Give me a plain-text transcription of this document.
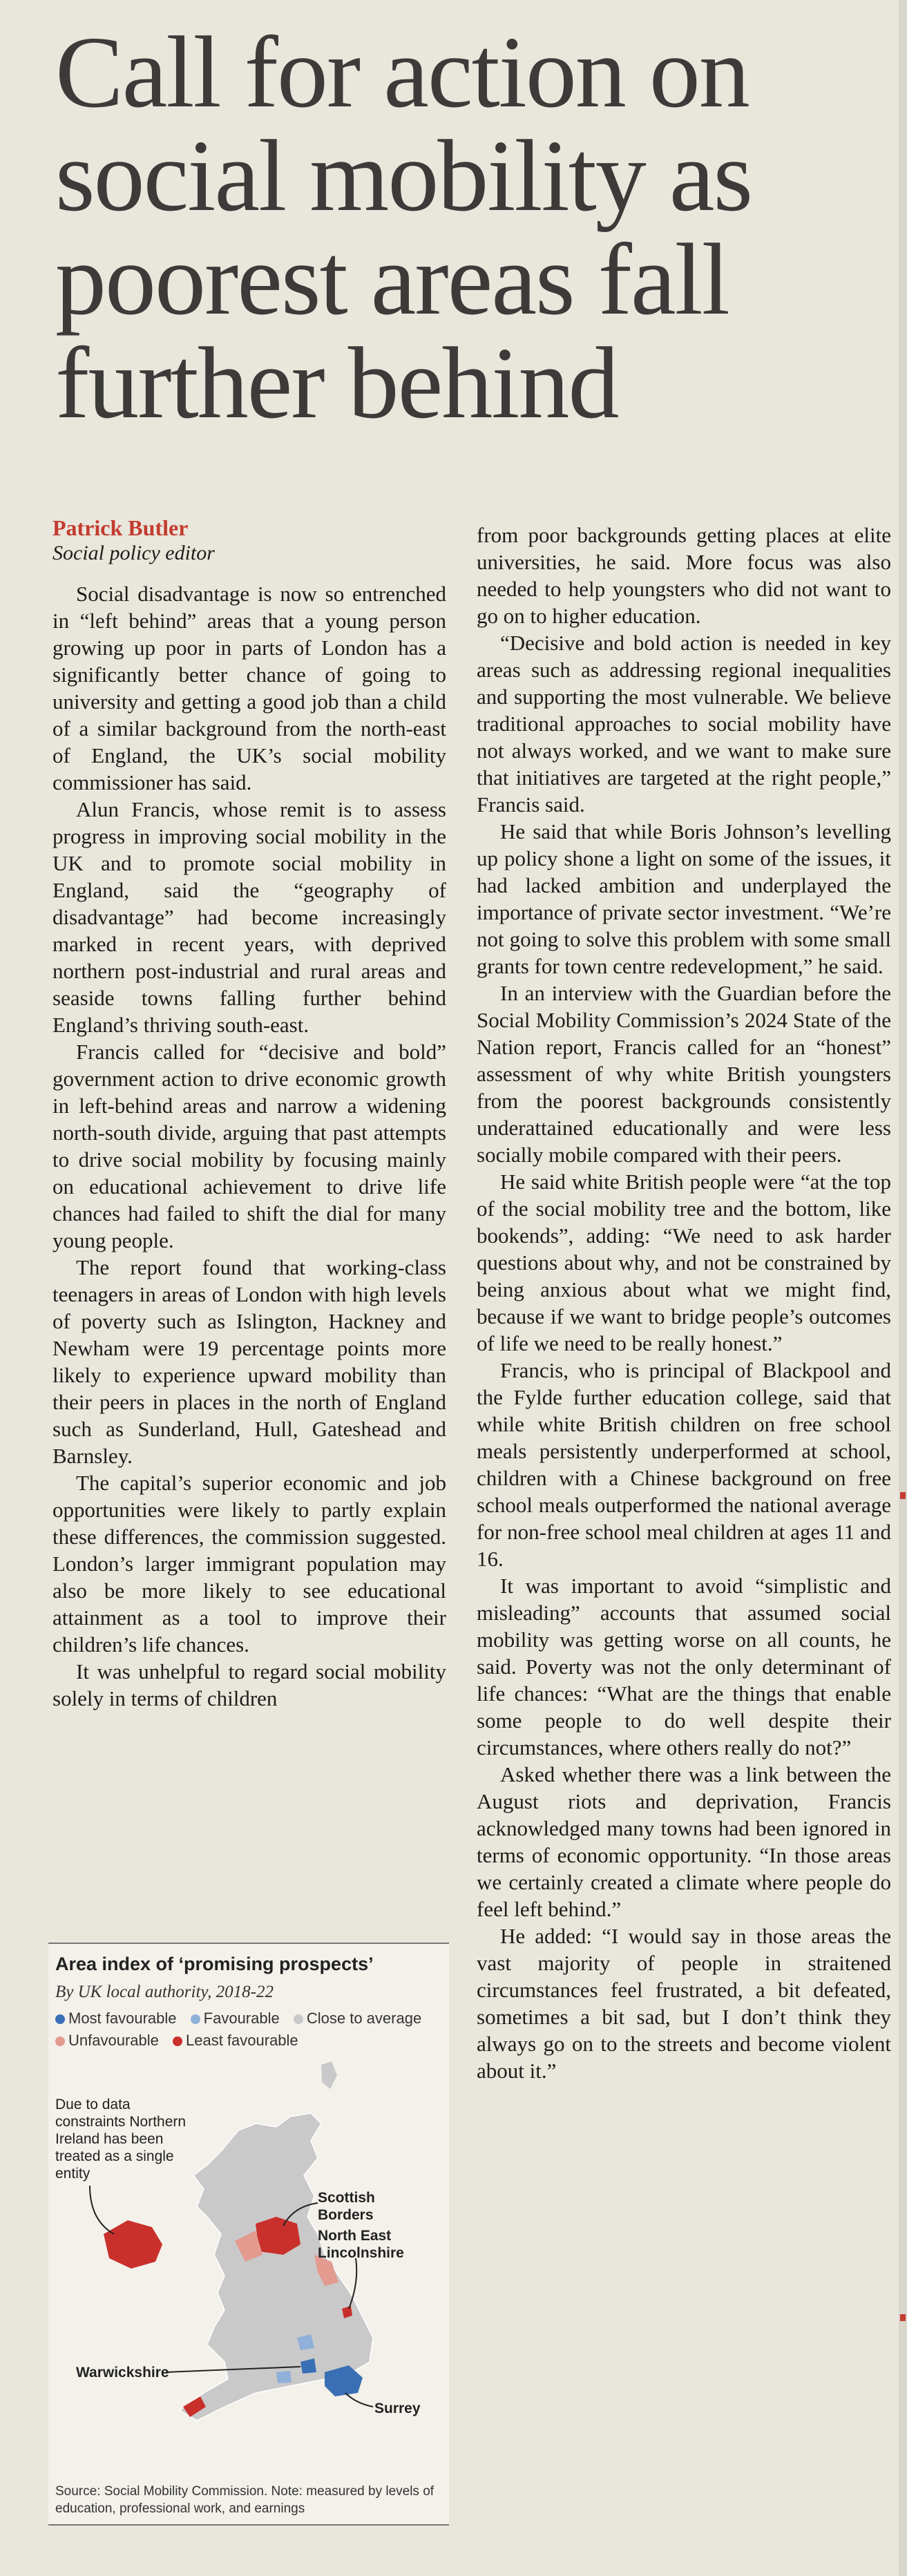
Call for action on
social mobility as
poorest areas fall
further behind
Patrick Butler
Social policy editor

Social disadvantage is now so entrenched in “left behind” areas that a young person growing up poor in parts of London has a significantly better chance of going to university and getting a good job than a child of a similar background from the north-east of England, the UK’s social mobility commissioner has said.

Alun Francis, whose remit is to assess progress in improving social mobility in the UK and to promote social mobility in England, said the “geography of disadvantage” had become increasingly marked in recent years, with deprived northern post-industrial and rural areas and seaside towns falling further behind England’s thriving south-east.

Francis called for “decisive and bold” government action to drive economic growth in left-behind areas and narrow a widening north-south divide, arguing that past attempts to drive social mobility by focusing mainly on educational achievement to drive life chances had failed to shift the dial for many young people.

The report found that working-class teenagers in areas of London with high levels of poverty such as Islington, Hackney and Newham were 19 percentage points more likely to experience upward mobility than their peers in places in the north of England such as Sunderland, Hull, Gateshead and Barnsley.

The capital’s superior economic and job opportunities were likely to partly explain these differences, the commission suggested. London’s larger immigrant population may also be more likely to see educational attainment as a tool to improve their children’s life chances.

It was unhelpful to regard social mobility solely in terms of children

from poor backgrounds getting places at elite universities, he said. More focus was also needed to help youngsters who did not want to go on to higher education.

“Decisive and bold action is needed in key areas such as addressing regional inequalities and supporting the most vulnerable. We believe traditional approaches to social mobility have not always worked, and we want to make sure that initiatives are targeted at the right people,” Francis said.

He said that while Boris Johnson’s levelling up policy shone a light on some of the issues, it had lacked ambition and underplayed the importance of private sector investment. “We’re not going to solve this problem with some small grants for town centre redevelopment,” he said.

In an interview with the Guardian before the Social Mobility Commission’s 2024 State of the Nation report, Francis called for an “honest” assessment of why white British youngsters from the poorest backgrounds consistently underattained educationally and were less socially mobile compared with their peers.

He said white British people were “at the top of the social mobility tree and the bottom, like bookends”, adding: “We need to ask harder questions about why, and not be constrained by being anxious about what we might find, because if we want to bridge people’s outcomes of life we need to be really honest.”

Francis, who is principal of Blackpool and the Fylde further education college, said that while white British children on free school meals persistently underperformed at school, children with a Chinese background on free school meals outperformed the national average for non-free school meal children at ages 11 and 16.

It was important to avoid “simplistic and misleading” accounts that assumed social mobility was getting worse on all counts, he said. Poverty was not the only determinant of life chances: “What are the things that enable some people to do well despite their circumstances, where others really do not?”

Asked whether there was a link between the August riots and deprivation, Francis acknowledged many towns had been ignored in terms of economic opportunity. “In those areas we certainly created a climate where people do feel left behind.”

He added: “I would say in those areas the vast majority of people in straitened circumstances feel frustrated, a bit defeated, sometimes a bit sad, but I don’t think they always go on to the streets and become violent about it.”

Area index of ‘promising prospects’
By UK local authority, 2018-22
Most favourable Favourable Close to average Unfavourable Least favourable
Due to data constraints Northern Ireland has been treated as a single entity
Scottish Borders
North East Lincolnshire
Warwickshire
Surrey
Source: Social Mobility Commission. Note: measured by levels of education, professional work, and earnings
